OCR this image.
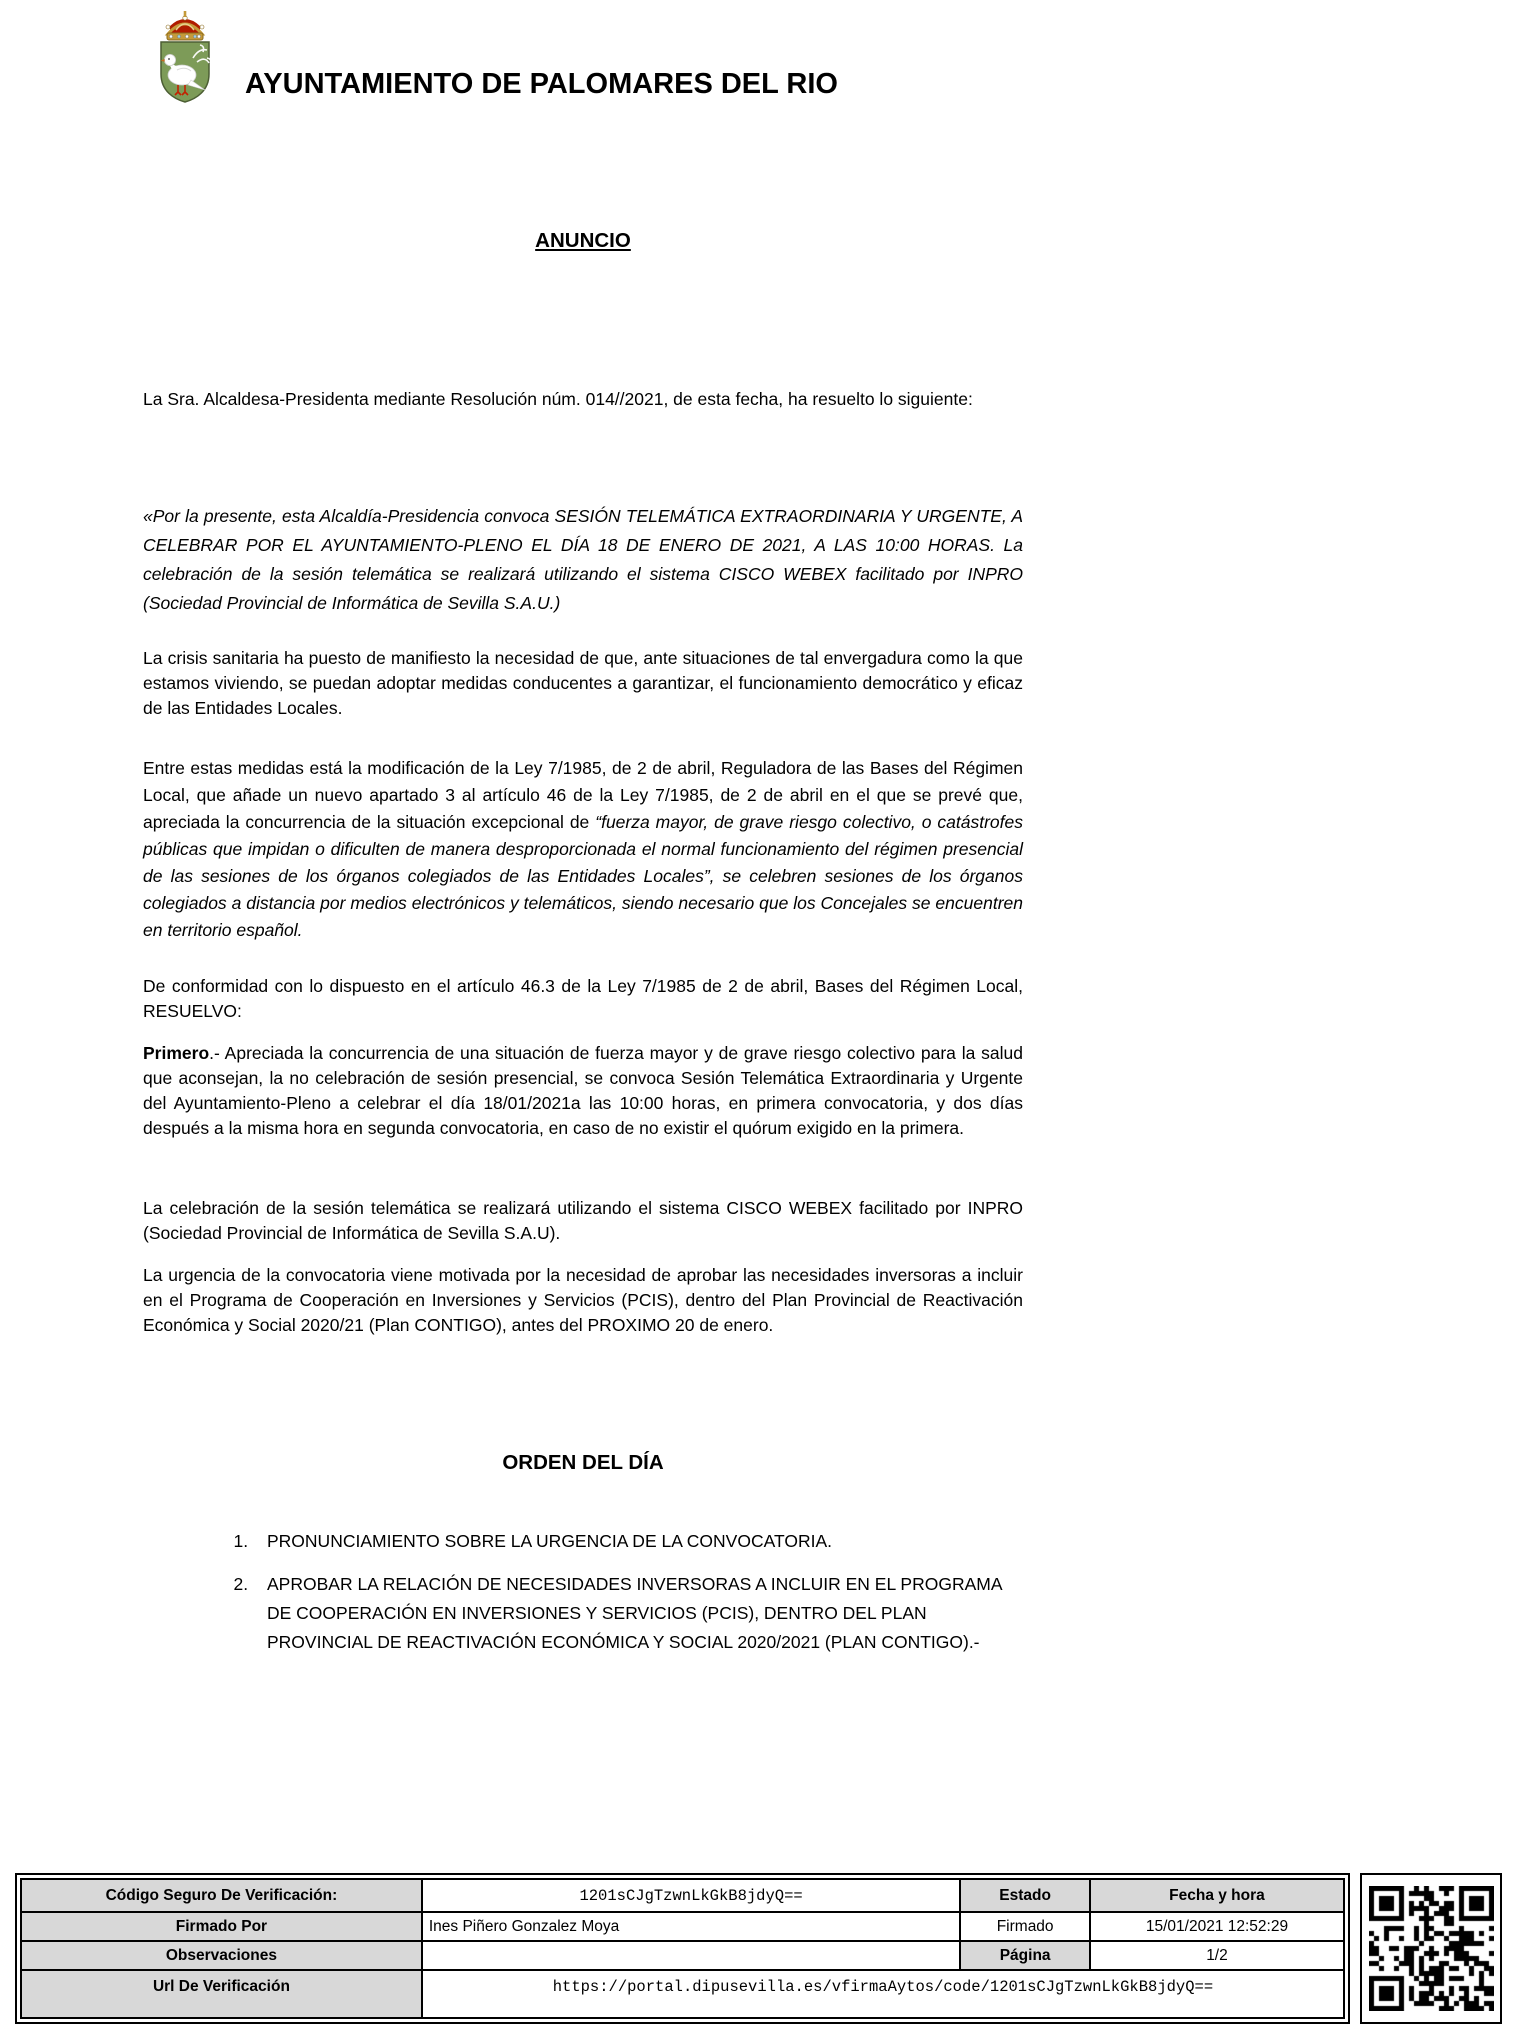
AYUNTAMIENTO DE PALOMARES DEL RIO
ANUNCIO

La Sra. Alcaldesa-Presidenta mediante Resolución núm. 014//2021, de esta fecha, ha resuelto lo siguiente:

«Por la presente, esta Alcaldía-Presidencia convoca SESIÓN TELEMÁTICA EXTRAORDINARIA Y URGENTE, A CELEBRAR POR EL AYUNTAMIENTO-PLENO EL DÍA 18 DE ENERO DE 2021, A LAS 10:00 HORAS. La celebración de la sesión telemática se realizará utilizando el sistema CISCO WEBEX facilitado por INPRO (Sociedad Provincial de Informática de Sevilla S.A.U.)

La crisis sanitaria ha puesto de manifiesto la necesidad de que, ante situaciones de tal envergadura como la que estamos viviendo, se puedan adoptar medidas conducentes a garantizar, el funcionamiento democrático y eficaz de las Entidades Locales.

Entre estas medidas está la modificación de la Ley 7/1985, de 2 de abril, Reguladora de las Bases del Régimen Local, que añade un nuevo apartado 3 al artículo 46 de la Ley 7/1985, de 2 de abril en el que se prevé que, apreciada la concurrencia de la situación excepcional de “fuerza mayor, de grave riesgo colectivo, o catástrofes públicas que impidan o dificulten de manera desproporcionada el normal funcionamiento del régimen presencial de las sesiones de los órganos colegiados de las Entidades Locales”, se celebren sesiones de los órganos colegiados a distancia por medios electrónicos y telemáticos, siendo necesario que los Concejales se encuentren en territorio español.

De conformidad con lo dispuesto en el artículo 46.3 de la Ley 7/1985 de 2 de abril, Bases del Régimen Local, RESUELVO:

Primero.- Apreciada la concurrencia de una situación de fuerza mayor y de grave riesgo colectivo para la salud que aconsejan, la no celebración de sesión presencial, se convoca Sesión Telemática Extraordinaria y Urgente del Ayuntamiento-Pleno a celebrar el día 18/01/2021a las 10:00 horas, en primera convocatoria, y dos días después a la misma hora en segunda convocatoria, en caso de no existir el quórum exigido en la primera.

La celebración de la sesión telemática se realizará utilizando el sistema CISCO WEBEX facilitado por INPRO (Sociedad Provincial de Informática de Sevilla S.A.U).

La urgencia de la convocatoria viene motivada por la necesidad de aprobar las necesidades inversoras a incluir en el Programa de Cooperación en Inversiones y Servicios (PCIS), dentro del Plan Provincial de Reactivación Económica y Social 2020/21 (Plan CONTIGO), antes del PROXIMO 20 de enero.

ORDEN DEL DÍA
1. PRONUNCIAMIENTO SOBRE LA URGENCIA DE LA CONVOCATORIA.
2. APROBAR LA RELACIÓN DE NECESIDADES INVERSORAS A INCLUIR EN EL PROGRAMA DE COOPERACIÓN EN INVERSIONES Y SERVICIOS (PCIS), DENTRO DEL PLAN PROVINCIAL DE REACTIVACIÓN ECONÓMICA Y SOCIAL 2020/2021 (PLAN CONTIGO).-
Código Seguro De Verificación:	1201sCJgTzwnLkGkB8jdyQ==	Estado	Fecha y hora
Firmado Por	Ines Piñero Gonzalez Moya	Firmado	15/01/2021 12:52:29
Observaciones		Página	1/2
Url De Verificación	https://portal.dipusevilla.es/vfirmaAytos/code/1201sCJgTzwnLkGkB8jdyQ==		
